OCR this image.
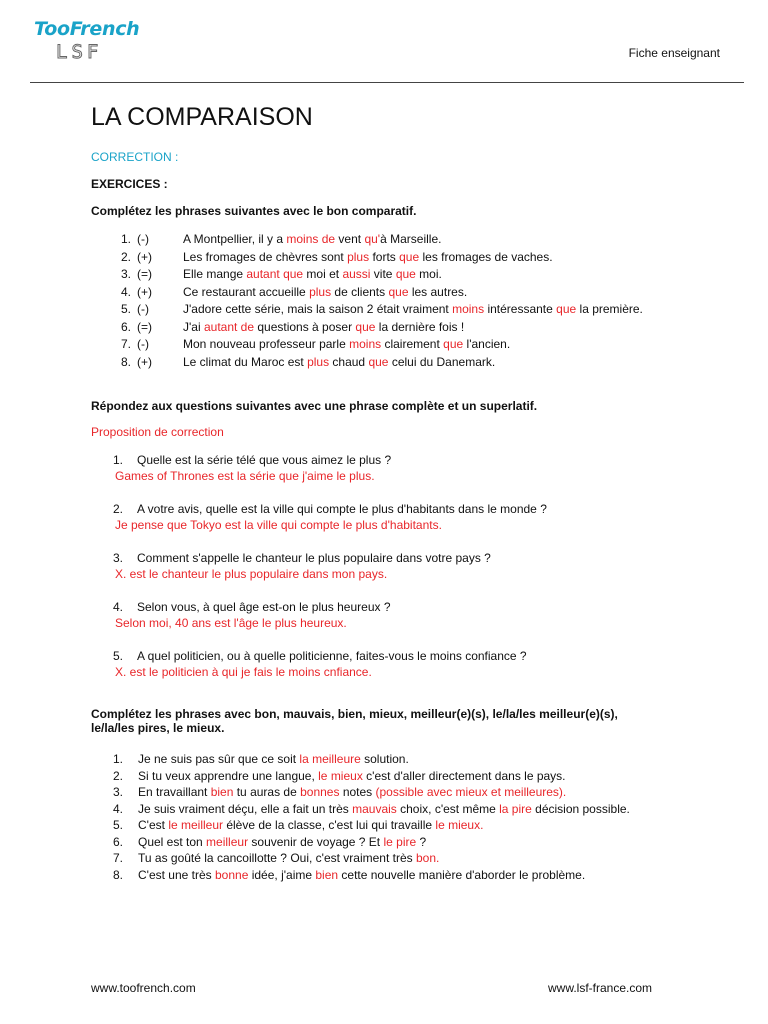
TooFrench
LSF	Fiche enseignant
LA COMPARAISON
CORRECTION :
EXERCICES :
Complétez les phrases suivantes avec le bon comparatif.
1. (-)	A Montpellier, il y a moins de vent qu'à Marseille.
2. (+)	Les fromages de chèvres sont plus forts que les fromages de vaches.
3. (=)	Elle mange autant que moi et aussi vite que moi.
4. (+)	Ce restaurant accueille plus de clients que les autres.
5. (-)	J'adore cette série, mais la saison 2 était vraiment moins intéressante que la première.
6. (=)	J'ai autant de questions à poser que la dernière fois !
7. (-)	Mon nouveau professeur parle moins clairement que l'ancien.
8. (+)	Le climat du Maroc est plus chaud que celui du Danemark.
Répondez aux questions suivantes avec une phrase complète et un superlatif.
Proposition de correction
1.	Quelle est la série télé que vous aimez le plus ?
Games of Thrones est la série que j'aime le plus.
2.	A votre avis, quelle est la ville qui compte le plus d'habitants dans le monde ?
Je pense que Tokyo est la ville qui compte le plus d'habitants.
3.	Comment s'appelle le chanteur le plus populaire dans votre pays ?
X. est le chanteur le plus populaire dans mon pays.
4.	Selon vous, à quel âge est-on le plus heureux ?
Selon moi, 40 ans est l'âge le plus heureux.
5.	A quel politicien, ou à quelle politicienne, faites-vous le moins confiance ?
X. est le politicien à qui je fais le moins cnfiance.
Complétez les phrases avec bon, mauvais, bien, mieux, meilleur(e)(s), le/la/les meilleur(e)(s),
le/la/les pires, le mieux.
1.	Je ne suis pas sûr que ce soit la meilleure solution.
2.	Si tu veux apprendre une langue, le mieux c'est d'aller directement dans le pays.
3.	En travaillant bien tu auras de bonnes notes (possible avec mieux et meilleures).
4.	Je suis vraiment déçu, elle a fait un très mauvais choix, c'est même la pire décision possible.
5.	C'est le meilleur élève de la classe, c'est lui qui travaille le mieux.
6.	Quel est ton meilleur souvenir de voyage ? Et le pire ?
7.	Tu as goûté la cancoillotte ? Oui, c'est vraiment très bon.
8.	C'est une très bonne idée, j'aime bien cette nouvelle manière d'aborder le problème.
www.toofrench.com	www.lsf-france.com
